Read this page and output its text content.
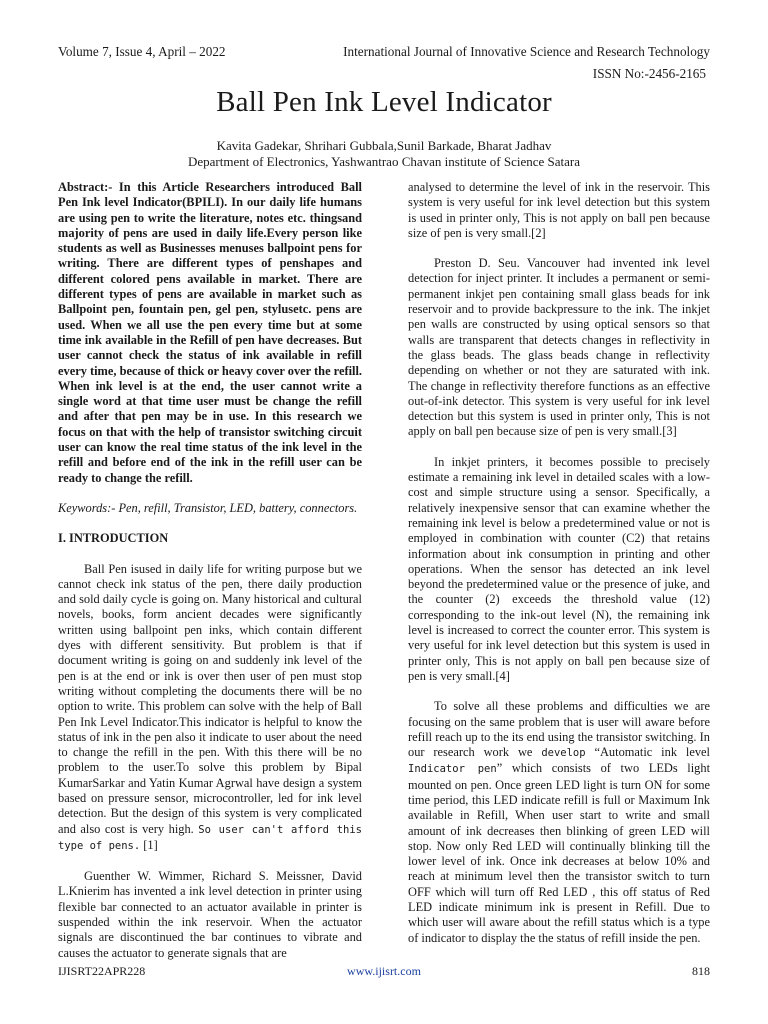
Volume 7, Issue 4, April – 2022	International Journal of Innovative Science and Research Technology
ISSN No:-2456-2165
Ball Pen Ink Level Indicator
Kavita Gadekar, Shrihari Gubbala,Sunil Barkade, Bharat Jadhav
Department of Electronics, Yashwantrao Chavan institute of Science Satara

Abstract:- In this Article Researchers introduced Ball Pen Ink level Indicator(BPILI). In our daily life humans are using pen to write the literature, notes etc. thingsand majority of pens are used in daily life.Every person like students as well as Businesses menuses ballpoint pens for writing. There are different types of penshapes and different colored pens available in market. There are different types of pens are available in market such as Ballpoint pen, fountain pen, gel pen, stylusetc. pens are used. When we all use the pen every time but at some time ink available in the Refill of pen have decreases. But user cannot check the status of ink available in refill every time, because of thick or heavy cover over the refill. When ink level is at the end, the user cannot write a single word at that time user must be change the refill and after that pen may be in use. In this research we focus on that with the help of transistor switching circuit user can know the real time status of the ink level in the refill and before end of the ink in the refill user can be ready to change the refill.

Keywords:- Pen, refill, Transistor, LED, battery, connectors.

I. INTRODUCTION

Ball Pen isused in daily life for writing purpose but we cannot check ink status of the pen, there daily production and sold daily cycle is going on. Many historical and cultural novels, books, form ancient decades were significantly written using ballpoint pen inks, which contain different dyes with different sensitivity. But problem is that if document writing is going on and suddenly ink level of the pen is at the end or ink is over then user of pen must stop writing without completing the documents there will be no option to write. This problem can solve with the help of Ball Pen Ink Level Indicator.This indicator is helpful to know the status of ink in the pen also it indicate to user about the need to change the refill in the pen. With this there will be no problem to the user.To solve this problem by Bipal KumarSarkar and Yatin Kumar Agrwal have design a system based on pressure sensor, microcontroller, led for ink level detection. But the design of this system is very complicated and also cost is very high. So user can't afford this type of pens. [1]

Guenther W. Wimmer, Richard S. Meissner, David L.Knierim has invented a ink level detection in printer using flexible bar connected to an actuator available in printer is suspended within the ink reservoir. When the actuator signals are discontinued the bar continues to vibrate and causes the actuator to generate signals that are

analysed to determine the level of ink in the reservoir. This system is very useful for ink level detection but this system is used in printer only, This is not apply on ball pen because size of pen is very small.[2]

Preston D. Seu. Vancouver had invented ink level detection for inject printer. It includes a permanent or semi-permanent inkjet pen containing small glass beads for ink reservoir and to provide backpressure to the ink. The inkjet pen walls are constructed by using optical sensors so that walls are transparent that detects changes in reflectivity in the glass beads. The glass beads change in reflectivity depending on whether or not they are saturated with ink. The change in reflectivity therefore functions as an effective out-of-ink detector. This system is very useful for ink level detection but this system is used in printer only, This is not apply on ball pen because size of pen is very small.[3]

In inkjet printers, it becomes possible to precisely estimate a remaining ink level in detailed scales with a low-cost and simple structure using a sensor. Specifically, a relatively inexpensive sensor that can examine whether the remaining ink level is below a predetermined value or not is employed in combination with counter (C2) that retains information about ink consumption in printing and other operations. When the sensor has detected an ink level beyond the predetermined value or the presence of juke, and the counter (2) exceeds the threshold value (12) corresponding to the ink-out level (N), the remaining ink level is increased to correct the counter error. This system is very useful for ink level detection but this system is used in printer only, This is not apply on ball pen because size of pen is very small.[4]

To solve all these problems and difficulties we are focusing on the same problem that is user will aware before refill reach up to the its end using the transistor switching. In our research work we develop “Automatic ink level Indicator pen” which consists of two LEDs light mounted on pen. Once green LED light is turn ON for some time period, this LED indicate refill is full or Maximum Ink available in Refill, When user start to write and small amount of ink decreases then blinking of green LED will stop. Now only Red LED will continually blinking till the lower level of ink. Once ink decreases at below 10% and reach at minimum level then the transistor switch to turn OFF which will turn off Red LED , this off status of Red LED indicate minimum ink is present in Refill. Due to which user will aware about the refill status which is a type of indicator to display the the status of refill inside the pen.

IJISRT22APR228	www.ijisrt.com	818
